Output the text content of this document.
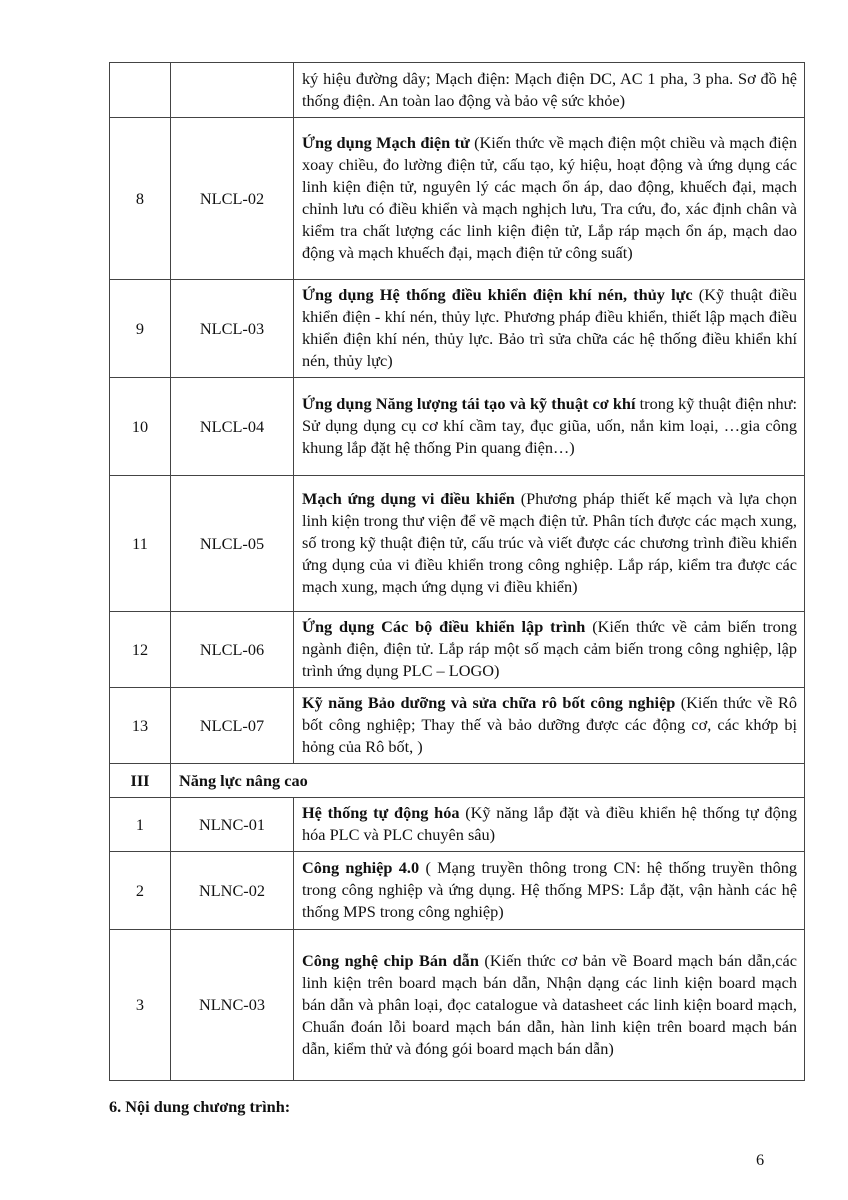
		ký hiệu đường dây; Mạch điện: Mạch điện DC, AC 1 pha, 3 pha. Sơ đồ hệ thống điện. An toàn lao động và bảo vệ sức khỏe)
8	NLCL-02	Ứng dụng Mạch điện tử (Kiến thức về mạch điện một chiều và mạch điện xoay chiều, đo lường điện tử, cấu tạo, ký hiệu, hoạt động và ứng dụng các linh kiện điện tử, nguyên lý các mạch ổn áp, dao động, khuếch đại, mạch chỉnh lưu có điều khiển và mạch nghịch lưu, Tra cứu, đo, xác định chân và kiểm tra chất lượng các linh kiện điện tử, Lắp ráp mạch ổn áp, mạch dao động và mạch khuếch đại, mạch điện tử công suất)
9	NLCL-03	Ứng dụng Hệ thống điều khiển điện khí nén, thủy lực (Kỹ thuật điều khiển điện - khí nén, thủy lực. Phương pháp điều khiển, thiết lập mạch điều khiển điện khí nén, thủy lực. Bảo trì sửa chữa các hệ thống điều khiển khí nén, thủy lực)
10	NLCL-04	Ứng dụng Năng lượng tái tạo và kỹ thuật cơ khí trong kỹ thuật điện như: Sử dụng dụng cụ cơ khí cầm tay, đục giũa, uốn, nắn kim loại, …gia công khung lắp đặt hệ thống Pin quang điện…)
11	NLCL-05	Mạch ứng dụng vi điều khiển (Phương pháp thiết kế mạch và lựa chọn linh kiện trong thư viện để vẽ mạch điện tử. Phân tích được các mạch xung, số trong kỹ thuật điện tử, cấu trúc và viết được các chương trình điều khiển ứng dụng của vi điều khiển trong công nghiệp. Lắp ráp, kiểm tra được các mạch xung, mạch ứng dụng vi điều khiển)
12	NLCL-06	Ứng dụng Các bộ điều khiển lập trình (Kiến thức về cảm biến trong ngành điện, điện tử. Lắp ráp một số mạch cảm biến trong công nghiệp, lập trình ứng dụng PLC – LOGO)
13	NLCL-07	Kỹ năng Bảo dưỡng và sửa chữa rô bốt công nghiệp (Kiến thức về Rô bốt công nghiệp; Thay thế và bảo dưỡng được các động cơ, các khớp bị hỏng của Rô bốt, )
III	Năng lực nâng cao	
1	NLNC-01	Hệ thống tự động hóa (Kỹ năng lắp đặt và điều khiển hệ thống tự động hóa PLC và PLC chuyên sâu)
2	NLNC-02	Công nghiệp 4.0 ( Mạng truyền thông trong CN: hệ thống truyền thông trong công nghiệp và ứng dụng. Hệ thống MPS: Lắp đặt, vận hành các hệ thống MPS trong công nghiệp)
3	NLNC-03	Công nghệ chip Bán dẫn (Kiến thức cơ bản về Board mạch bán dẫn,các linh kiện trên board mạch bán dẫn, Nhận dạng các linh kiện board mạch bán dẫn và phân loại, đọc catalogue và datasheet các linh kiện board mạch, Chuẩn đoán lỗi board mạch bán dẫn, hàn linh kiện trên board mạch bán dẫn, kiểm thử và đóng gói board mạch bán dẫn)
6. Nội dung chương trình:
6
